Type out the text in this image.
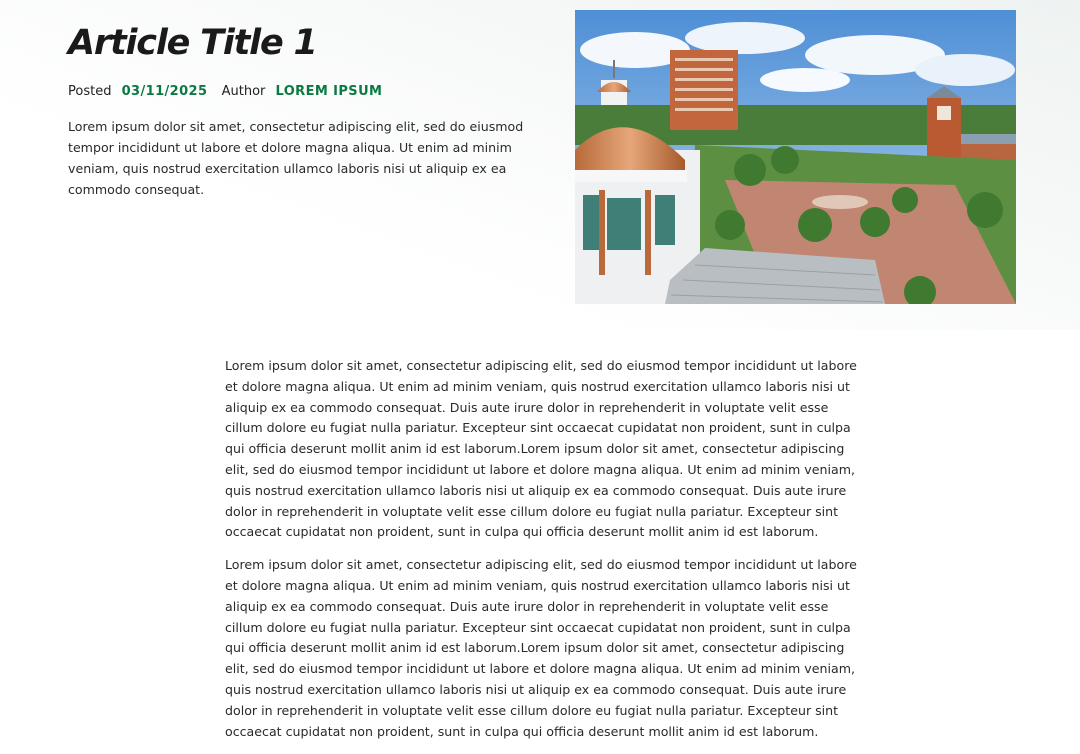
Article Title 1
Posted 03/11/2025 Author LOREM IPSUM
Lorem ipsum dolor sit amet, consectetur adipiscing elit, sed do eiusmod tempor incididunt ut labore et dolore magna aliqua. Ut enim ad minim veniam, quis nostrud exercitation ullamco laboris nisi ut aliquip ex ea commodo consequat.

Lorem ipsum dolor sit amet, consectetur adipiscing elit, sed do eiusmod tempor incididunt ut labore et dolore magna aliqua. Ut enim ad minim veniam, quis nostrud exercitation ullamco laboris nisi ut aliquip ex ea commodo consequat. Duis aute irure dolor in reprehenderit in voluptate velit esse cillum dolore eu fugiat nulla pariatur. Excepteur sint occaecat cupidatat non proident, sunt in culpa qui officia deserunt mollit anim id est laborum.Lorem ipsum dolor sit amet, consectetur adipiscing elit, sed do eiusmod tempor incididunt ut labore et dolore magna aliqua. Ut enim ad minim veniam, quis nostrud exercitation ullamco laboris nisi ut aliquip ex ea commodo consequat. Duis aute irure dolor in reprehenderit in voluptate velit esse cillum dolore eu fugiat nulla pariatur. Excepteur sint occaecat cupidatat non proident, sunt in culpa qui officia deserunt mollit anim id est laborum.

Lorem ipsum dolor sit amet, consectetur adipiscing elit, sed do eiusmod tempor incididunt ut labore et dolore magna aliqua. Ut enim ad minim veniam, quis nostrud exercitation ullamco laboris nisi ut aliquip ex ea commodo consequat. Duis aute irure dolor in reprehenderit in voluptate velit esse cillum dolore eu fugiat nulla pariatur. Excepteur sint occaecat cupidatat non proident, sunt in culpa qui officia deserunt mollit anim id est laborum.Lorem ipsum dolor sit amet, consectetur adipiscing elit, sed do eiusmod tempor incididunt ut labore et dolore magna aliqua. Ut enim ad minim veniam, quis nostrud exercitation ullamco laboris nisi ut aliquip ex ea commodo consequat. Duis aute irure dolor in reprehenderit in voluptate velit esse cillum dolore eu fugiat nulla pariatur. Excepteur sint occaecat cupidatat non proident, sunt in culpa qui officia deserunt mollit anim id est laborum.
